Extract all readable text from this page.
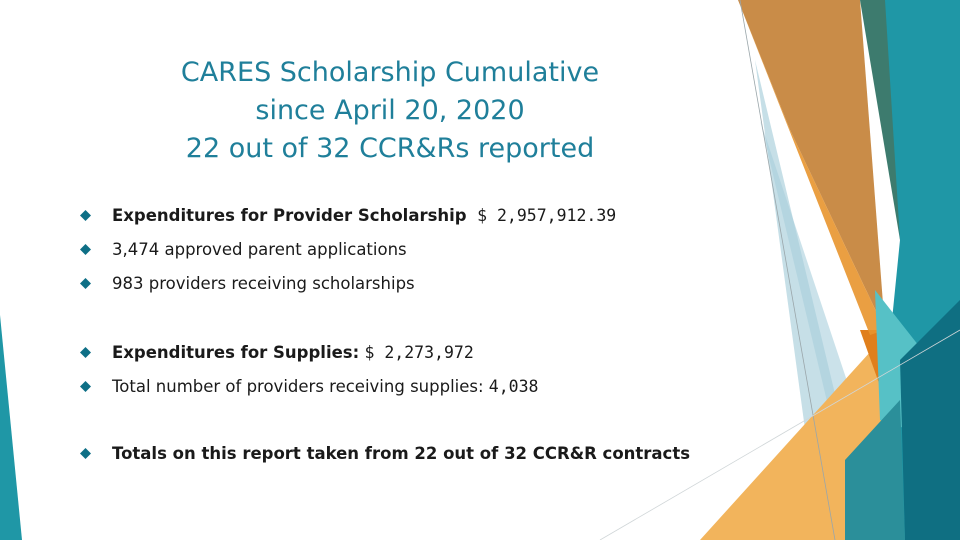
CARES Scholarship Cumulative
since April 20, 2020
22 out of 32 CCR&Rs reported
Expenditures for Provider Scholarship $ 2,957,912.39
3,474 approved parent applications
983 providers receiving scholarships
Expenditures for Supplies: $ 2,273,972
Total number of providers receiving supplies: 4,038
Totals on this report taken from 22 out of 32 CCR&R contracts
